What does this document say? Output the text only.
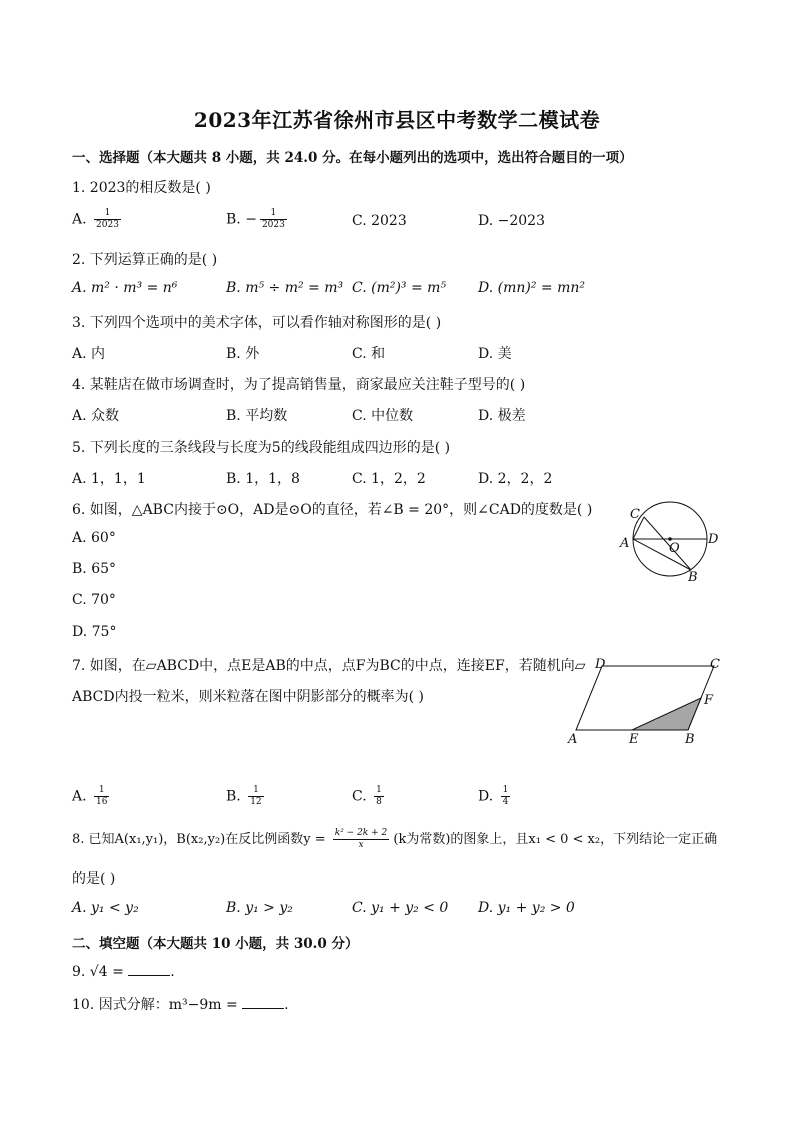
2023年江苏省徐州市县区中考数学二模试卷
一、选择题（本大题共 8 小题，共 24.0 分。在每小题列出的选项中，选出符合题目的一项）
1. 2023的相反数是( )
A. $\frac{1}{2023}$	B. − $\frac{1}{2023}$	C. 2023	D. −2023
2. 下列运算正确的是( )
A. m² · m³ = n⁶	B. m⁵ ÷ m² = m³ C. (m²)³ = m⁵ D. (mn)² = mn²
3. 下列四个选项中的美术字体，可以看作轴对称图形的是( )
A. 内	B. 外	C. 和	D. 美
4. 某鞋店在做市场调查时，为了提高销售量，商家最应关注鞋子型号的( )
A. 众数	B. 平均数	C. 中位数	D. 极差
5. 下列长度的三条线段与长度为5的线段能组成四边形的是( )
A. 1，1，1	B. 1，1，8	C. 1，2，2	D. 2，2，2
6. 如图，△ABC内接于⊙O，AD是⊙O的直径，若∠B = 20°，则∠CAD的度数是( )
A. 60°
B. 65°
C. 70°
D. 75°
C
A	O
D
B
7. 如图，在▱ABCD中，点E是AB的中点，点F为BC的中点，连接EF，若随机向▱
ABCD内投一粒米，则米粒落在图中阴影部分的概率为( )
D	C
F
A	E	B
A. $\frac{1}{16}$	B. $\frac{1}{12}$	C. $\frac{1}{8}$	D. $\frac{1}{4}$
8. 已知A(x₁,y₁)，B(x₂,y₂)在反比例函数$y = \frac{\text{k² − 2k + 2}}{x} (k$为常数)的图象上，且x₁ < 0 < x₂，下列结论一定正确
的是( )
A. y₁ < y₂	B. y₁ > y₂	C. y₁ + y₂ < 0 D. y₁ + y₂ > 0
二、填空题（本大题共 10 小题，共 30.0 分）
9. √4 =	.
10. 因式分解：m³−9m =	.
